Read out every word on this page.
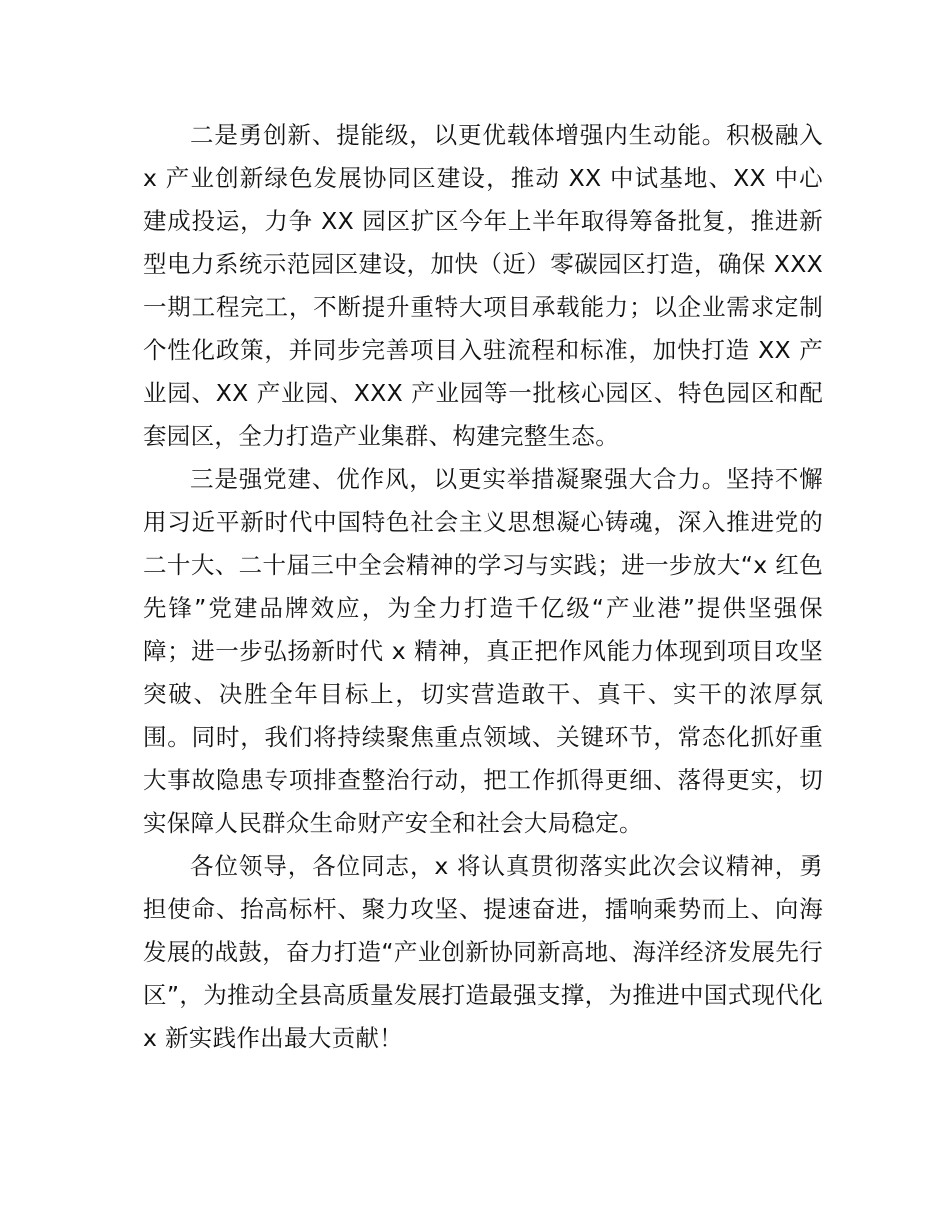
二是勇创新、提能级，以更优载体增强内生动能。积极融入 x 产业创新绿色发展协同区建设，推动 XX 中试基地、XX 中心建成投运，力争 XX 园区扩区今年上半年取得筹备批复，推进新型电力系统示范园区建设，加快（近）零碳园区打造，确保 XXX 一期工程完工，不断提升重特大项目承载能力；以企业需求定制个性化政策，并同步完善项目入驻流程和标准，加快打造 XX 产业园、XX 产业园、XXX 产业园等一批核心园区、特色园区和配套园区，全力打造产业集群、构建完整生态。

三是强党建、优作风，以更实举措凝聚强大合力。坚持不懈用习近平新时代中国特色社会主义思想凝心铸魂，深入推进党的二十大、二十届三中全会精神的学习与实践；进一步放大“x 红色先锋”党建品牌效应，为全力打造千亿级“产业港”提供坚强保障；进一步弘扬新时代 x 精神，真正把作风能力体现到项目攻坚突破、决胜全年目标上，切实营造敢干、真干、实干的浓厚氛围。同时，我们将持续聚焦重点领域、关键环节，常态化抓好重大事故隐患专项排查整治行动，把工作抓得更细、落得更实，切实保障人民群众生命财产安全和社会大局稳定。

各位领导，各位同志，x 将认真贯彻落实此次会议精神，勇担使命、抬高标杆、聚力攻坚、提速奋进，擂响乘势而上、向海发展的战鼓，奋力打造“产业创新协同新高地、海洋经济发展先行区”，为推动全县高质量发展打造最强支撑，为推进中国式现代化 x 新实践作出最大贡献！
